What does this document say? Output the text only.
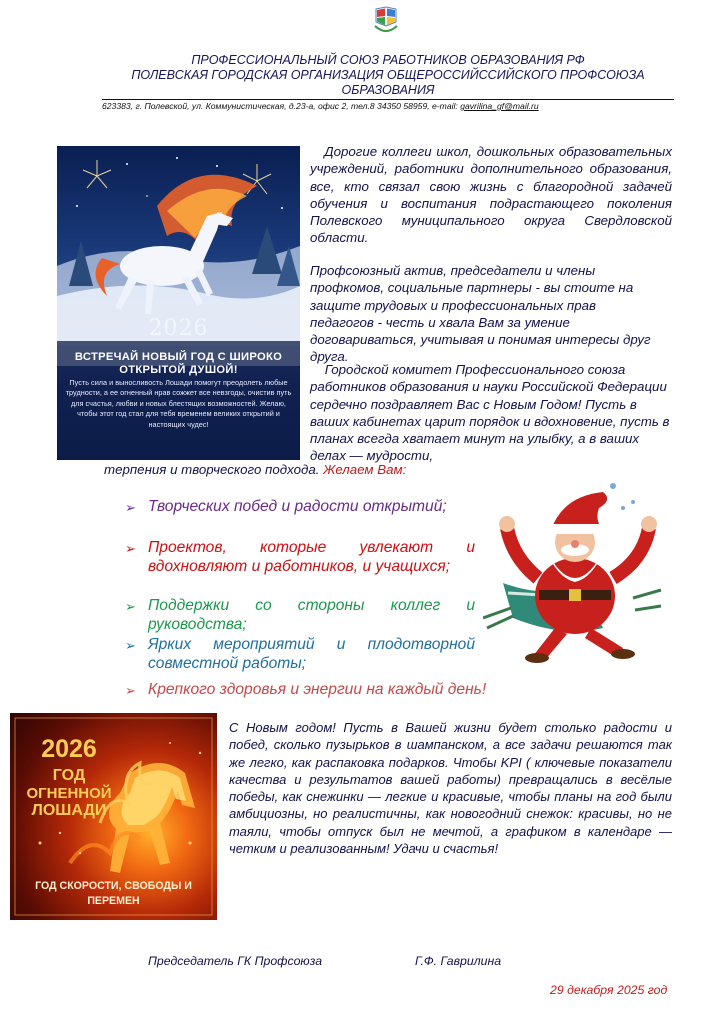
ПРОФЕССИОНАЛЬНЫЙ СОЮЗ РАБОТНИКОВ ОБРАЗОВАНИЯ РФ
ПОЛЕВСКАЯ ГОРОДСКАЯ ОРГАНИЗАЦИЯ ОБЩЕРОССИЙССИЙСКОГО ПРОФСОЮЗА
ОБРАЗОВАНИЯ
623383, г. Полевской, ул. Коммунистическая, д.23-а, офис 2, тел.8 34350 58959, e-mail: gavrilina_gf@mail.ru
2026
ВСТРЕЧАЙ НОВЫЙ ГОД С ШИРОКО ОТКРЫТОЙ ДУШОЙ!
Пусть сила и выносливость Лошади помогут преодолеть любые трудности, а ее огненный нрав сожжет все невзгоды, очистив путь для счастья, любви и новых блестящих возможностей. Желаю, чтобы этот год стал для тебя временем великих открытий и настоящих чудес!
Дорогие коллеги школ, дошкольных образовательных учреждений, работники дополнительного образования, все, кто связал свою жизнь с благородной задачей обучения и воспитания подрастающего поколения Полевского муниципального округа Свердловской области.
Профсоюзный актив, председатели и члены профкомов, социальные партнеры - вы стоите на защите трудовых и профессиональных прав педагогов - честь и хвала Вам за умение договариваться, учитывая и понимая интересы друг друга.
Городской комитет Профессионального союза работников образования и науки Российской Федерации сердечно поздравляет Вас с Новым Годом! Пусть в ваших кабинетах царит порядок и вдохновение, пусть в планах всегда хватает минут на улыбку, а в ваших делах — мудрости,
терпения и творческого подхода. Желаем Вам:
➢ Творческих побед и радости открытий;
➢ Проектов, которые увлекают и вдохновляют и работников, и учащихся;
➢ Поддержки со стороны коллег и руководства;
➢ Ярких мероприятий и плодотворной совместной работы;
➢ Крепкого здоровья и энергии на каждый день!
2026
ГОД
ОГНЕННОЙ
ЛОШАДИ
ГОД СКОРОСТИ, СВОБОДЫ И ПЕРЕМЕН
С Новым годом! Пусть в Вашей жизни будет столько радости и побед, сколько пузырьков в шампанском, а все задачи решаются так же легко, как распаковка подарков. Чтобы KPI ( ключевые показатели качества и результатов вашей работы) превращались в весёлые победы, как снежинки — легкие и красивые, чтобы планы на год были амбициозны, но реалистичны, как новогодний снежок: красивы, но не таяли, чтобы отпуск был не мечтой, а графиком в календаре — четким и реализованным! Удачи и счастья!
Председатель ГК Профсоюза	Г.Ф. Гаврилина
29 декабря 2025 год
